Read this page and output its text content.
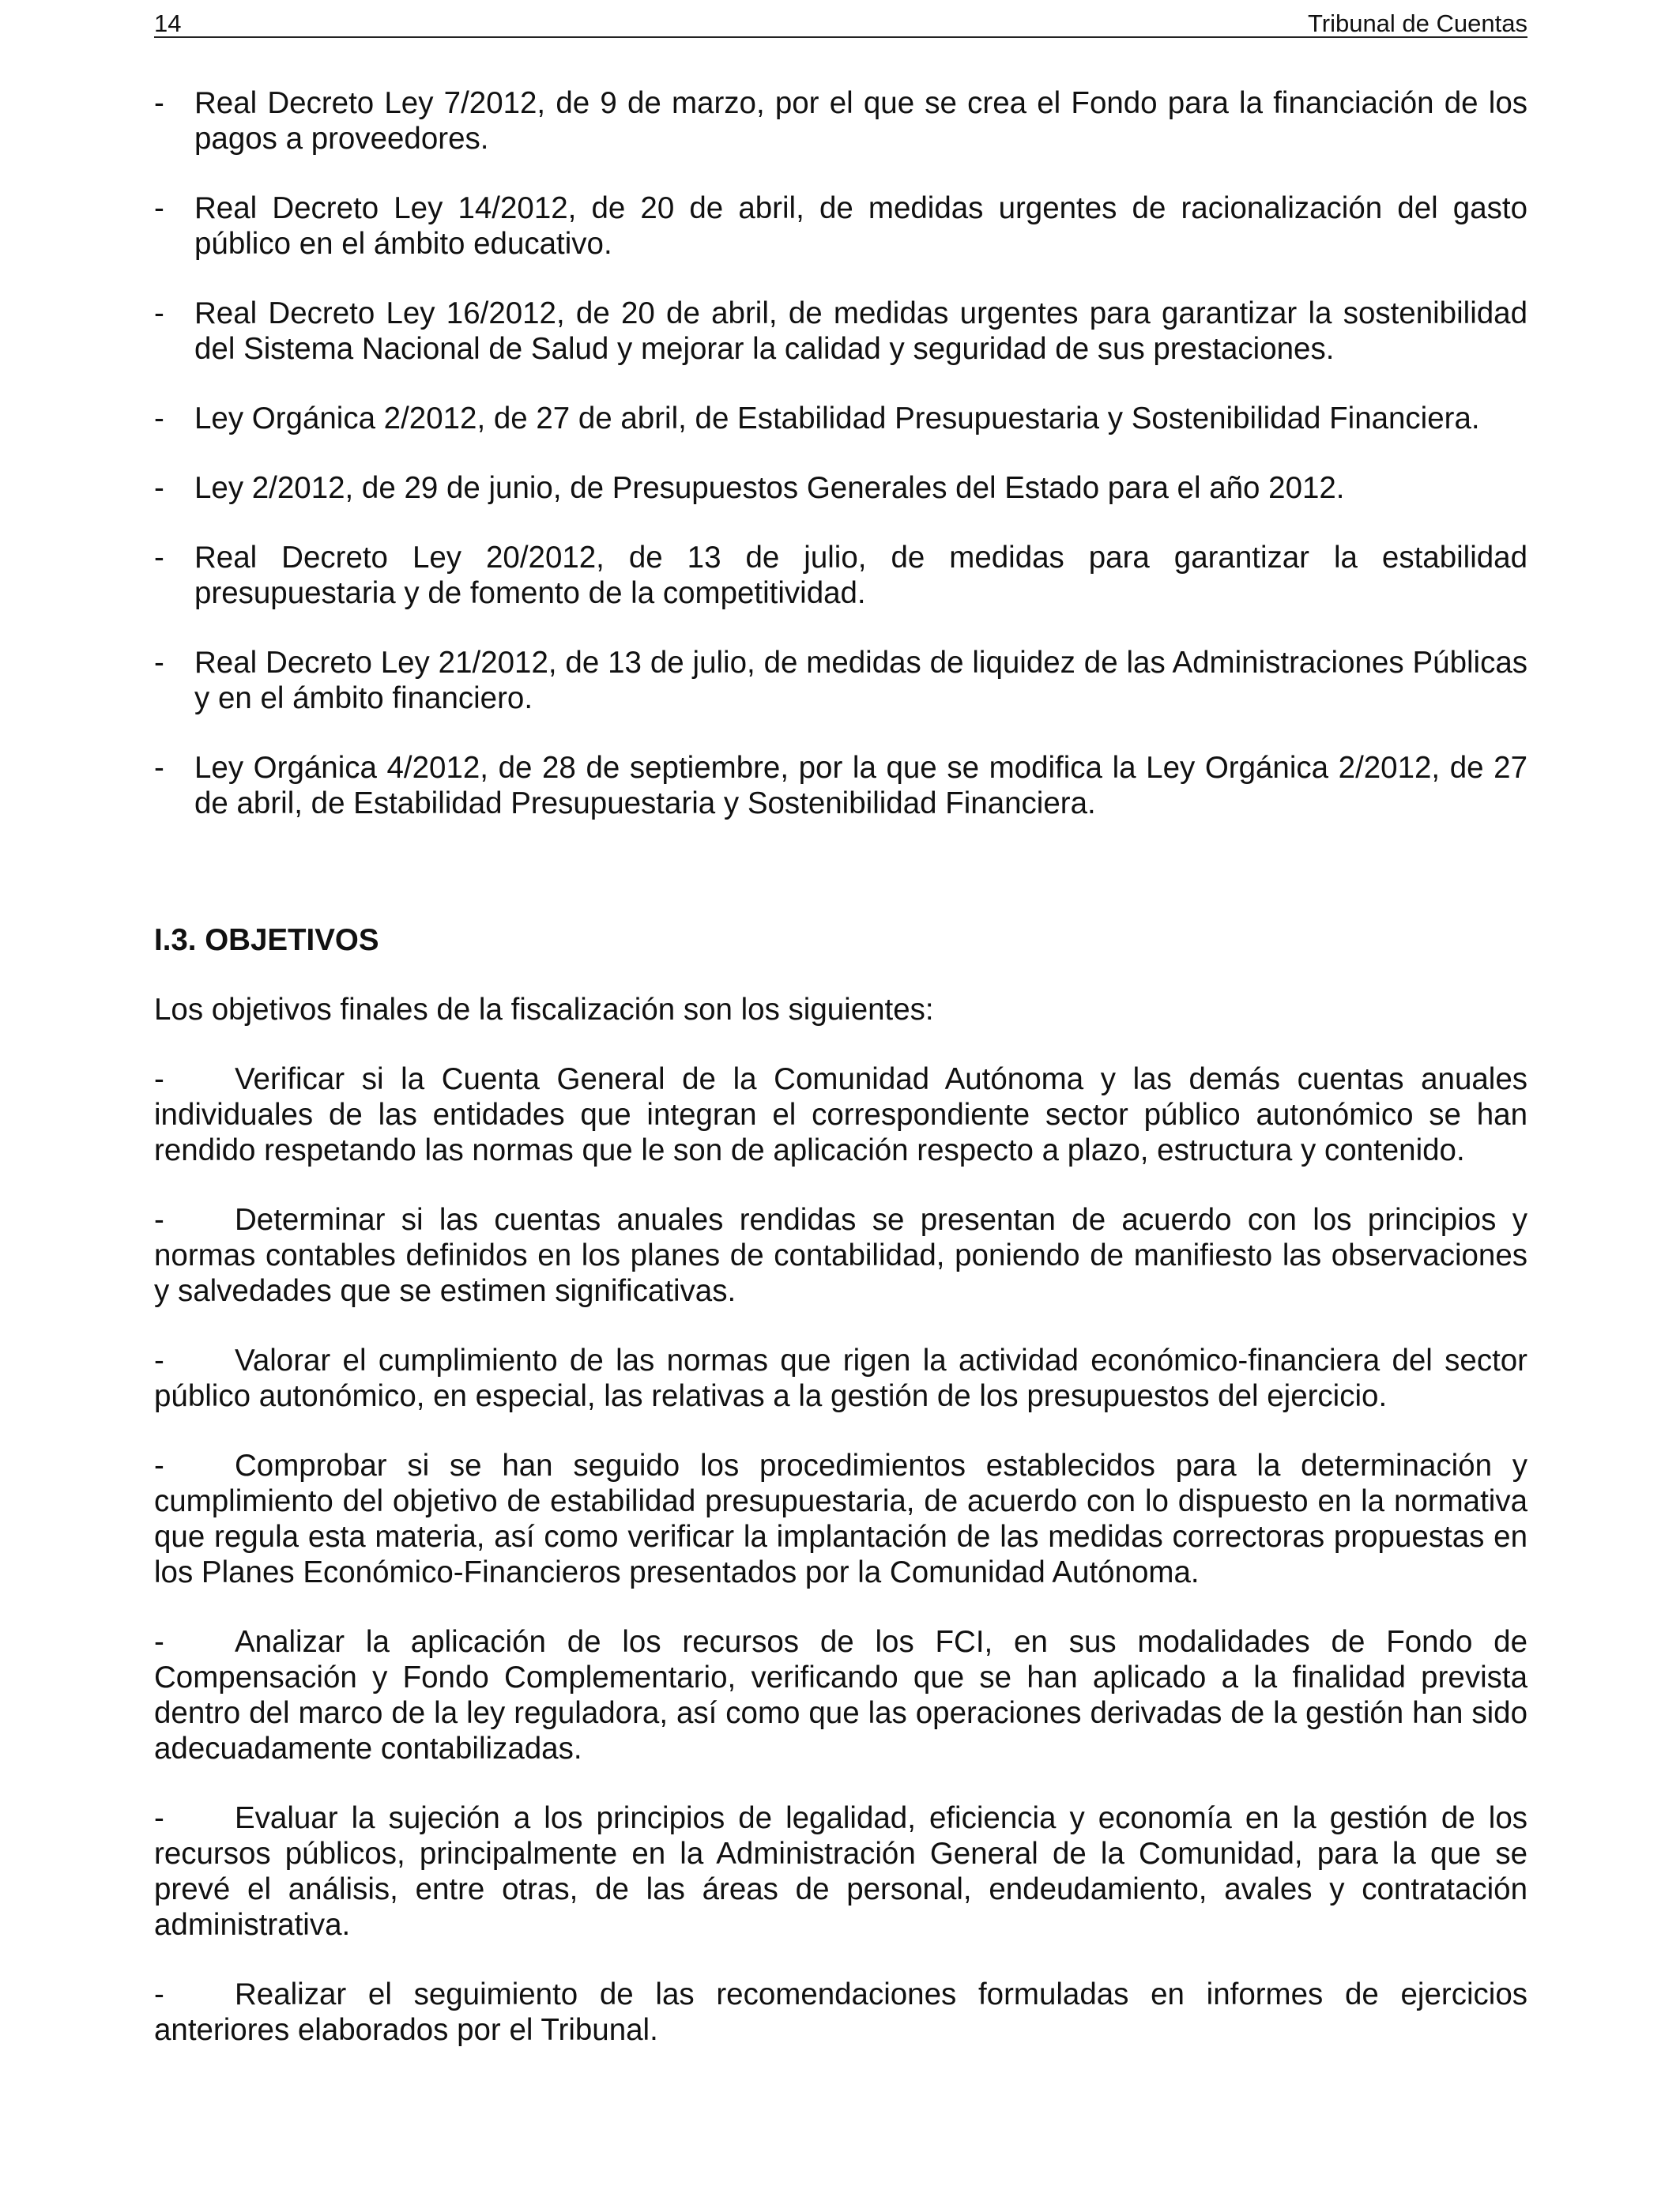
14	Tribunal de Cuentas
- Real Decreto Ley 7/2012, de 9 de marzo, por el que se crea el Fondo para la financiación de los pagos a proveedores.
- Real Decreto Ley 14/2012, de 20 de abril, de medidas urgentes de racionalización del gasto público en el ámbito educativo.
- Real Decreto Ley 16/2012, de 20 de abril, de medidas urgentes para garantizar la sostenibilidad del Sistema Nacional de Salud y mejorar la calidad y seguridad de sus prestaciones.
- Ley Orgánica 2/2012, de 27 de abril, de Estabilidad Presupuestaria y Sostenibilidad Financiera.
- Ley 2/2012, de 29 de junio, de Presupuestos Generales del Estado para el año 2012.
- Real Decreto Ley 20/2012, de 13 de julio, de medidas para garantizar la estabilidad presupuestaria y de fomento de la competitividad.
- Real Decreto Ley 21/2012, de 13 de julio, de medidas de liquidez de las Administraciones Públicas y en el ámbito financiero.
- Ley Orgánica 4/2012, de 28 de septiembre, por la que se modifica la Ley Orgánica 2/2012, de 27 de abril, de Estabilidad Presupuestaria y Sostenibilidad Financiera.
I.3. OBJETIVOS

Los objetivos finales de la fiscalización son los siguientes:

- Verificar si la Cuenta General de la Comunidad Autónoma y las demás cuentas anuales individuales de las entidades que integran el correspondiente sector público autonómico se han rendido respetando las normas que le son de aplicación respecto a plazo, estructura y contenido.

- Determinar si las cuentas anuales rendidas se presentan de acuerdo con los principios y normas contables definidos en los planes de contabilidad, poniendo de manifiesto las observaciones y salvedades que se estimen significativas.

- Valorar el cumplimiento de las normas que rigen la actividad económico-financiera del sector público autonómico, en especial, las relativas a la gestión de los presupuestos del ejercicio.

- Comprobar si se han seguido los procedimientos establecidos para la determinación y cumplimiento del objetivo de estabilidad presupuestaria, de acuerdo con lo dispuesto en la normativa que regula esta materia, así como verificar la implantación de las medidas correctoras propuestas en los Planes Económico-Financieros presentados por la Comunidad Autónoma.

- Analizar la aplicación de los recursos de los FCI, en sus modalidades de Fondo de Compensación y Fondo Complementario, verificando que se han aplicado a la finalidad prevista dentro del marco de la ley reguladora, así como que las operaciones derivadas de la gestión han sido adecuadamente contabilizadas.

- Evaluar la sujeción a los principios de legalidad, eficiencia y economía en la gestión de los recursos públicos, principalmente en la Administración General de la Comunidad, para la que se prevé el análisis, entre otras, de las áreas de personal, endeudamiento, avales y contratación administrativa.

- Realizar el seguimiento de las recomendaciones formuladas en informes de ejercicios anteriores elaborados por el Tribunal.
